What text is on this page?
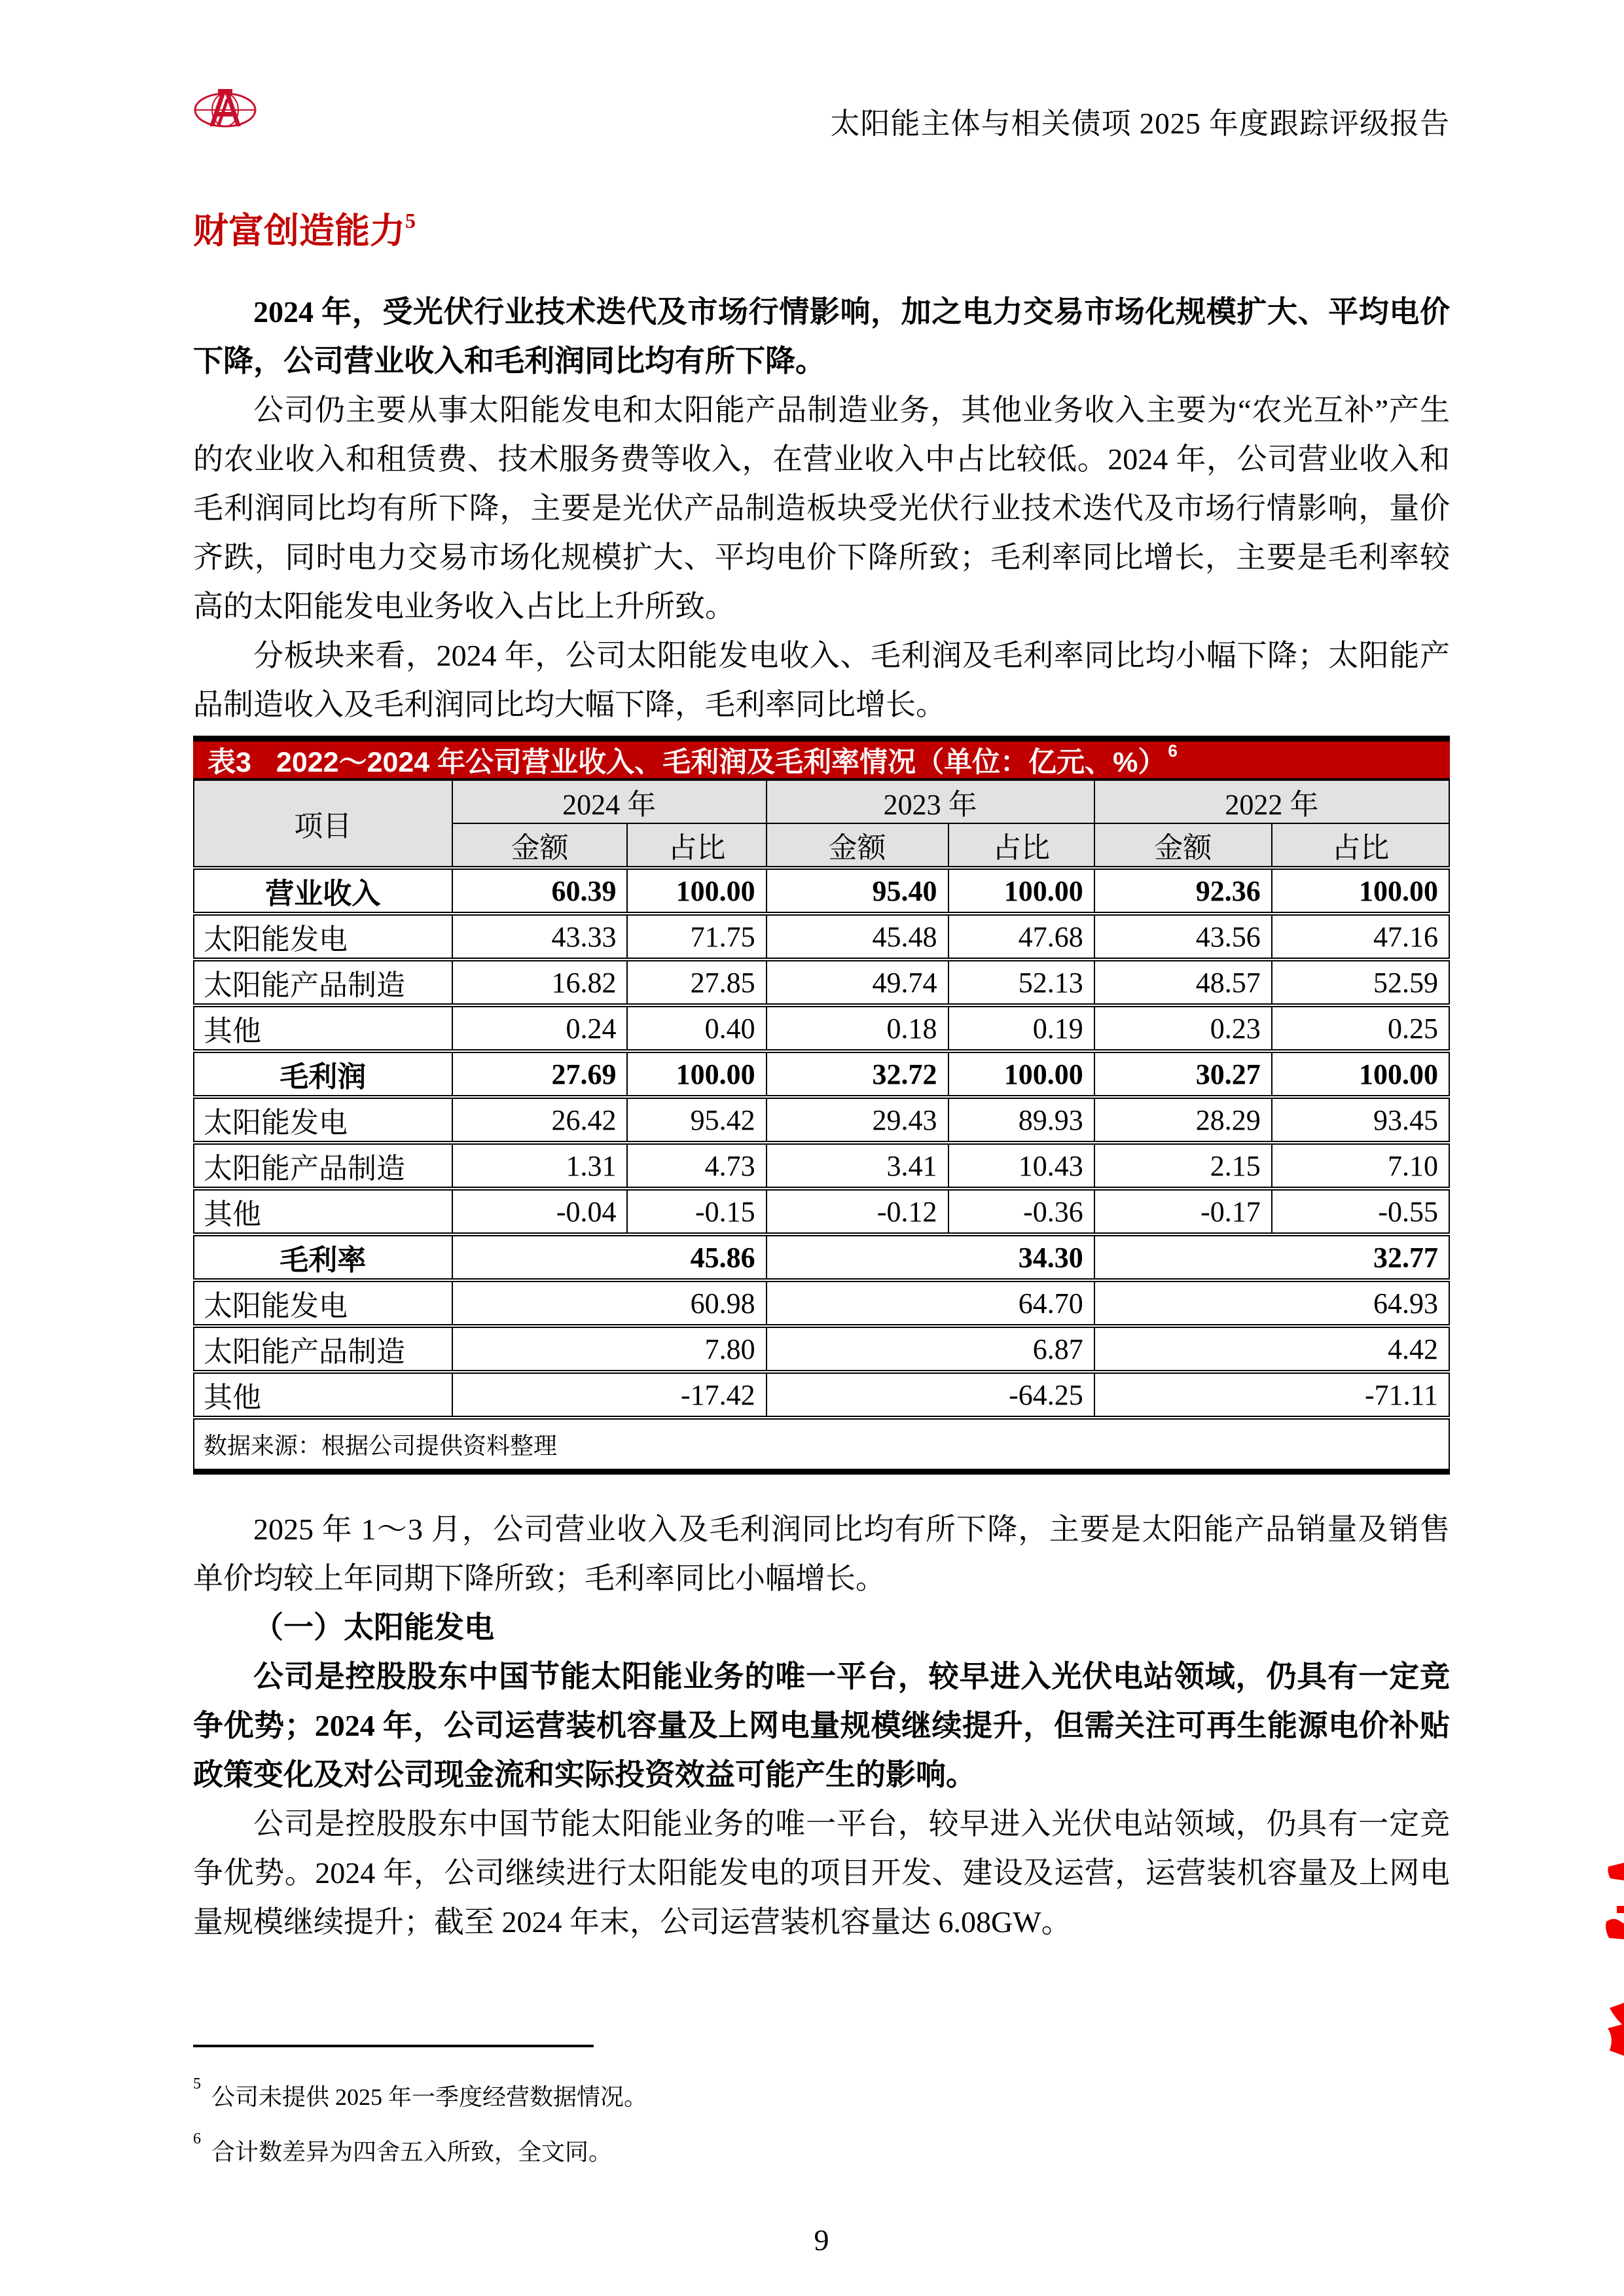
太阳能主体与相关债项 2025 年度跟踪评级报告
财富创造能力$^5$

2024 年，受光伏行业技术迭代及市场行情影响，加之电力交易市场化规模扩大、平均电价下降，公司营业收入和毛利润同比均有所下降。

公司仍主要从事太阳能发电和太阳能产品制造业务，其他业务收入主要为“农光互补”产生的农业收入和租赁费、技术服务费等收入，在营业收入中占比较低。2024 年，公司营业收入和毛利润同比均有所下降，主要是光伏产品制造板块受光伏行业技术迭代及市场行情影响，量价齐跌，同时电力交易市场化规模扩大、平均电价下降所致；毛利率同比增长，主要是毛利率较高的太阳能发电业务收入占比上升所致。

分板块来看，2024 年，公司太阳能发电收入、毛利润及毛利率同比均小幅下降；太阳能产品制造收入及毛利润同比均大幅下降，毛利率同比增长。

表3 2022～2024 年公司营业收入、毛利润及毛利率情况（单位：亿元、%）$^6$
项目	2024 年		2023 年		2022 年	
	金额	占比	金额	占比	金额	占比
营业收入	60.39	100.00	95.40	100.00	92.36	100.00
太阳能发电	43.33	71.75	45.48	47.68	43.56	47.16
太阳能产品制造	16.82	27.85	49.74	52.13	48.57	52.59
其他	0.24	0.40	0.18	0.19	0.23	0.25
毛利润	27.69	100.00	32.72	100.00	30.27	100.00
太阳能发电	26.42	95.42	29.43	89.93	28.29	93.45
太阳能产品制造	1.31	4.73	3.41	10.43	2.15	7.10
其他	-0.04	-0.15	-0.12	-0.36	-0.17	-0.55
毛利率	45.86		34.30		32.77	
太阳能发电	60.98		64.70		64.93	
太阳能产品制造	7.80		6.87		4.42	
其他	-17.42		-64.25		-71.11	
数据来源：根据公司提供资料整理						

2025 年 1～3 月，公司营业收入及毛利润同比均有所下降，主要是太阳能产品销量及销售单价均较上年同期下降所致；毛利率同比小幅增长。

（一）太阳能发电

公司是控股股东中国节能太阳能业务的唯一平台，较早进入光伏电站领域，仍具有一定竞争优势；2024 年，公司运营装机容量及上网电量规模继续提升，但需关注可再生能源电价补贴政策变化及对公司现金流和实际投资效益可能产生的影响。

公司是控股股东中国节能太阳能业务的唯一平台，较早进入光伏电站领域，仍具有一定竞争优势。2024 年，公司继续进行太阳能发电的项目开发、建设及运营，运营装机容量及上网电量规模继续提升；截至 2024 年末，公司运营装机容量达 6.08GW。

$^5$ 公司未提供 2025 年一季度经营数据情况。

$^6$ 合计数差异为四舍五入所致，全文同。

9
